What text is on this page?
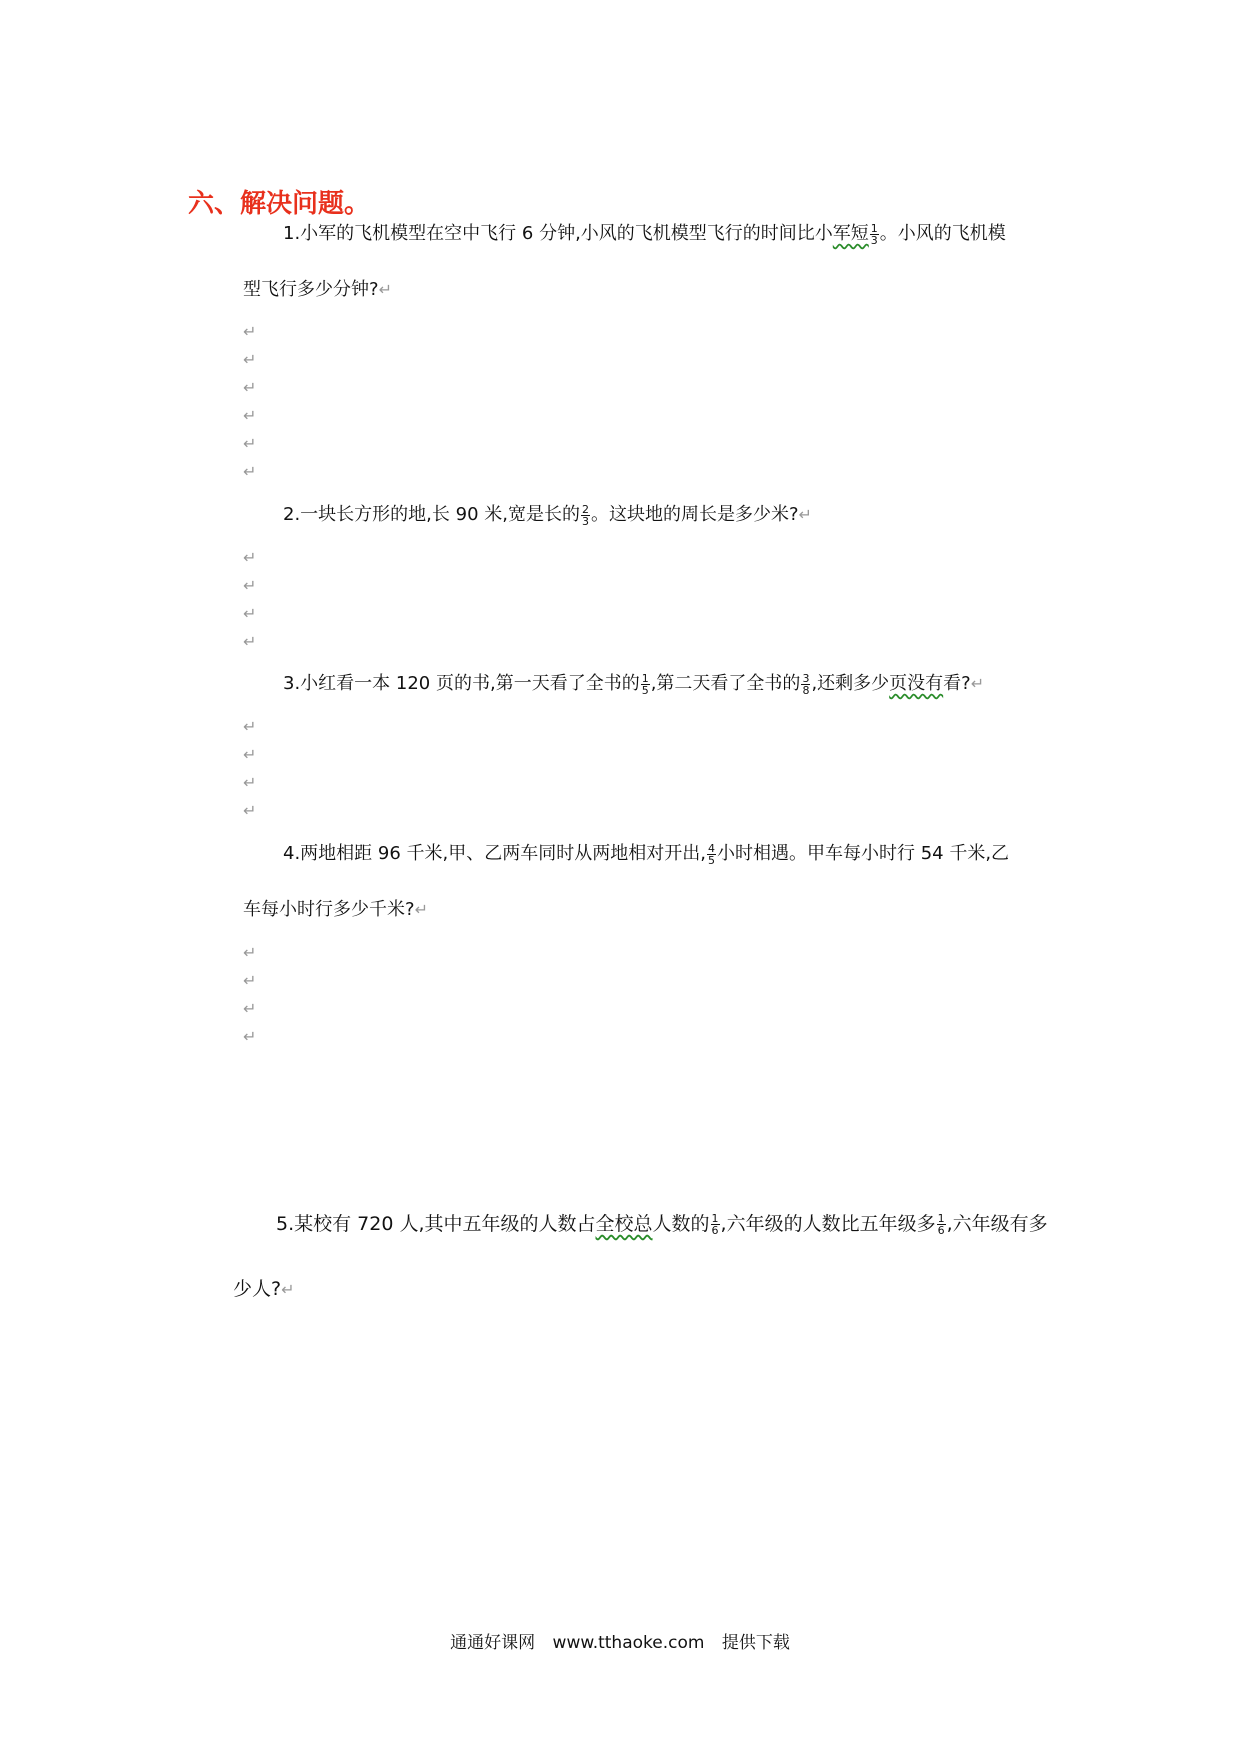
六、解决问题。
1.小军的飞机模型在空中飞行 6 分钟,小风的飞机模型飞行的时间比小军短 $\frac{1}{3}$ 。小风的飞机模
型飞行多少分钟?↵
↵
↵
↵
↵
↵
↵
2.一块长方形的地,长 90 米,宽是长的 $\frac{2}{3}$ 。这块地的周长是多少米?↵
↵
↵
↵
↵
3.小红看一本 120 页的书,第一天看了全书的 $\frac{1}{5}$ ,第二天看了全书的 $\frac{3}{8}$ ,还剩多少页没有看?↵
↵
↵
↵
↵
4.两地相距 96 千米,甲、乙两车同时从两地相对开出, $\frac{4}{5}$ 小时相遇。甲车每小时行 54 千米,乙
车每小时行多少千米?↵
↵
↵
↵
↵
5.某校有 720 人,其中五年级的人数占全校总人数的 $\frac{1}{6}$ ,六年级的人数比五年级多 $\frac{1}{6}$ ,六年级有多
少人?↵
通通好课网 www.tthaoke.com 提供下载
